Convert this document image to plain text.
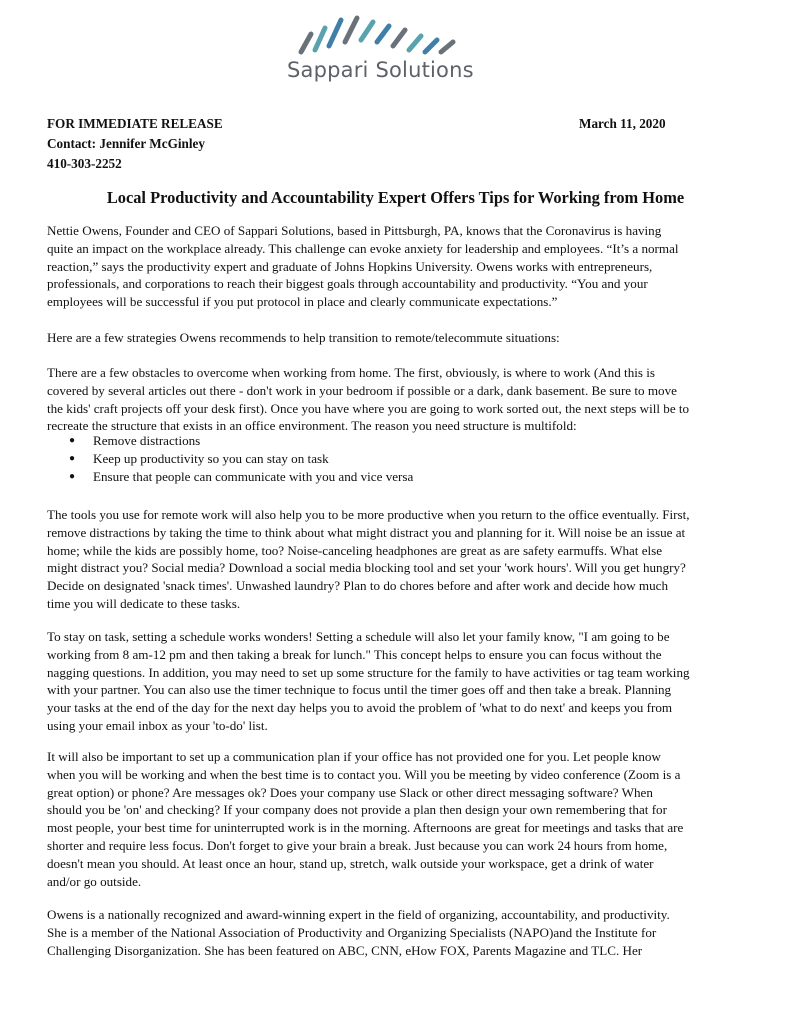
Sappari Solutions
FOR IMMEDIATE RELEASE
Contact: Jennifer McGinley
410-303-2252
March 11, 2020
Local Productivity and Accountability Expert Offers Tips for Working from Home
Nettie Owens, Founder and CEO of Sappari Solutions, based in Pittsburgh, PA, knows that the Coronavirus is having
quite an impact on the workplace already. This challenge can evoke anxiety for leadership and employees. “It’s a normal
reaction,” says the productivity expert and graduate of Johns Hopkins University. Owens works with entrepreneurs,
professionals, and corporations to reach their biggest goals through accountability and productivity. “You and your
employees will be successful if you put protocol in place and clearly communicate expectations.”
Here are a few strategies Owens recommends to help transition to remote/telecommute situations:
There are a few obstacles to overcome when working from home. The first, obviously, is where to work (And this is
covered by several articles out there - don't work in your bedroom if possible or a dark, dank basement. Be sure to move
the kids' craft projects off your desk first). Once you have where you are going to work sorted out, the next steps will be to
recreate the structure that exists in an office environment. The reason you need structure is multifold:
● Remove distractions
● Keep up productivity so you can stay on task
● Ensure that people can communicate with you and vice versa
The tools you use for remote work will also help you to be more productive when you return to the office eventually. First,
remove distractions by taking the time to think about what might distract you and planning for it. Will noise be an issue at
home; while the kids are possibly home, too? Noise-canceling headphones are great as are safety earmuffs. What else
might distract you? Social media? Download a social media blocking tool and set your 'work hours'. Will you get hungry?
Decide on designated 'snack times'. Unwashed laundry? Plan to do chores before and after work and decide how much
time you will dedicate to these tasks.
To stay on task, setting a schedule works wonders! Setting a schedule will also let your family know, "I am going to be
working from 8 am-12 pm and then taking a break for lunch." This concept helps to ensure you can focus without the
nagging questions. In addition, you may need to set up some structure for the family to have activities or tag team working
with your partner. You can also use the timer technique to focus until the timer goes off and then take a break. Planning
your tasks at the end of the day for the next day helps you to avoid the problem of 'what to do next' and keeps you from
using your email inbox as your 'to-do' list.
It will also be important to set up a communication plan if your office has not provided one for you. Let people know
when you will be working and when the best time is to contact you. Will you be meeting by video conference (Zoom is a
great option) or phone? Are messages ok? Does your company use Slack or other direct messaging software? When
should you be 'on' and checking? If your company does not provide a plan then design your own remembering that for
most people, your best time for uninterrupted work is in the morning. Afternoons are great for meetings and tasks that are
shorter and require less focus. Don't forget to give your brain a break. Just because you can work 24 hours from home,
doesn't mean you should. At least once an hour, stand up, stretch, walk outside your workspace, get a drink of water
and/or go outside.
Owens is a nationally recognized and award-winning expert in the field of organizing, accountability, and productivity.
She is a member of the National Association of Productivity and Organizing Specialists (NAPO)and the Institute for
Challenging Disorganization. She has been featured on ABC, CNN, eHow FOX, Parents Magazine and TLC. Her
